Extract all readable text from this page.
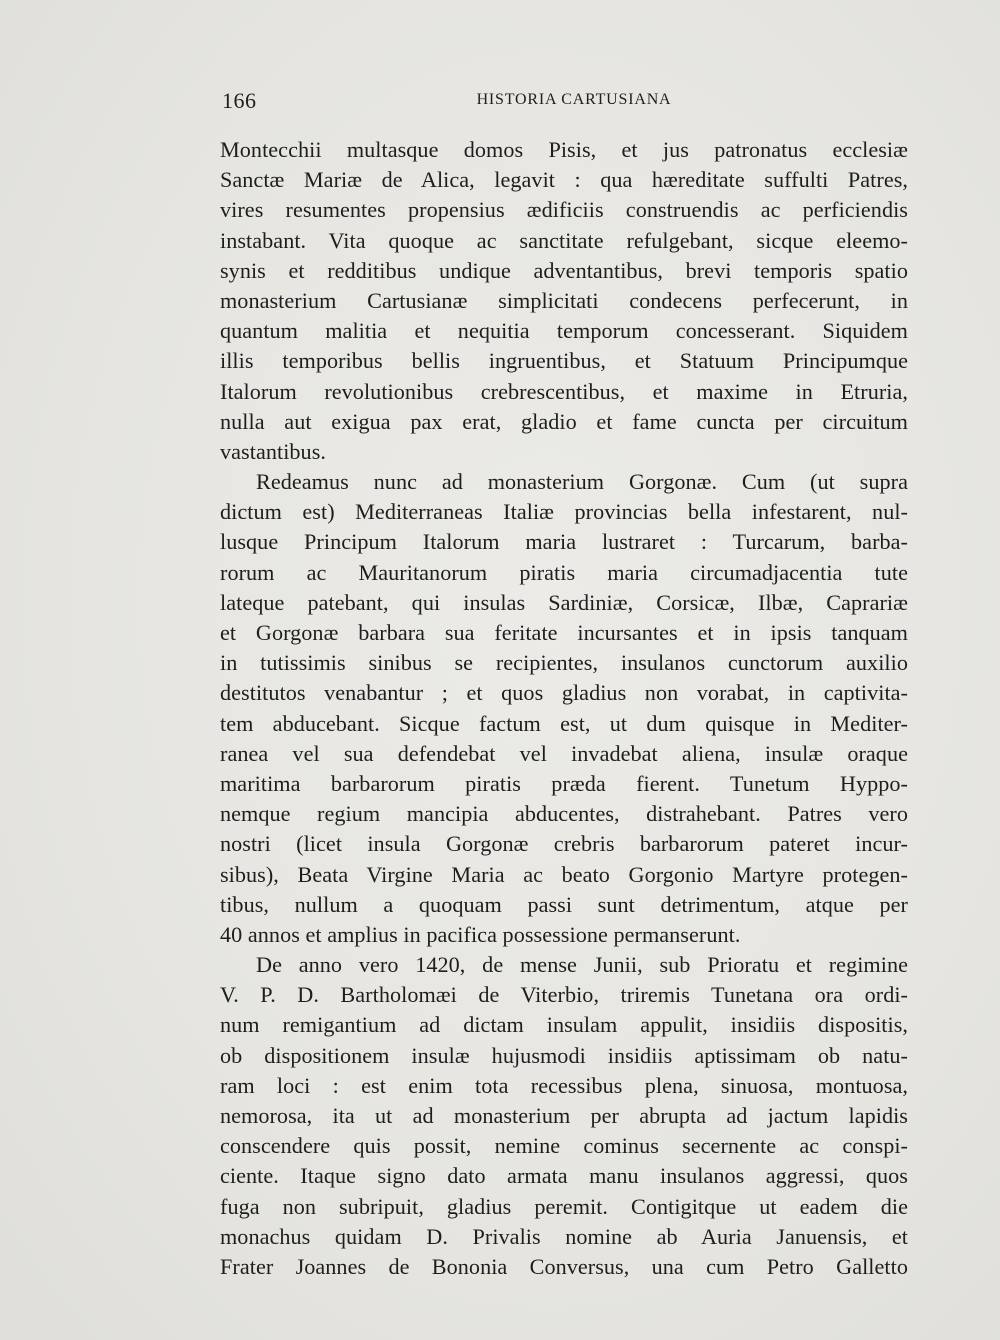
166	HISTORIA CARTUSIANA
Montecchii multasque domos Pisis, et jus patronatus ecclesiæ
Sanctæ Mariæ de Alica, legavit : qua hæreditate suffulti Patres,
vires resumentes propensius ædificiis construendis ac perficiendis
instabant. Vita quoque ac sanctitate refulgebant, sicque eleemo-
synis et redditibus undique adventantibus, brevi temporis spatio
monasterium Cartusianæ simplicitati condecens perfecerunt, in
quantum malitia et nequitia temporum concesserant. Siquidem
illis temporibus bellis ingruentibus, et Statuum Principumque
Italorum revolutionibus crebrescentibus, et maxime in Etruria,
nulla aut exigua pax erat, gladio et fame cuncta per circuitum
vastantibus.
Redeamus nunc ad monasterium Gorgonæ. Cum (ut supra
dictum est) Mediterraneas Italiæ provincias bella infestarent, nul-
lusque Principum Italorum maria lustraret : Turcarum, barba-
rorum ac Mauritanorum piratis maria circumadjacentia tute
lateque patebant, qui insulas Sardiniæ, Corsicæ, Ilbæ, Caprariæ
et Gorgonæ barbara sua feritate incursantes et in ipsis tanquam
in tutissimis sinibus se recipientes, insulanos cunctorum auxilio
destitutos venabantur ; et quos gladius non vorabat, in captivita-
tem abducebant. Sicque factum est, ut dum quisque in Mediter-
ranea vel sua defendebat vel invadebat aliena, insulæ oraque
maritima barbarorum piratis præda fierent. Tunetum Hyppo-
nemque regium mancipia abducentes, distrahebant. Patres vero
nostri (licet insula Gorgonæ crebris barbarorum pateret incur-
sibus), Beata Virgine Maria ac beato Gorgonio Martyre protegen-
tibus, nullum a quoquam passi sunt detrimentum, atque per
40 annos et amplius in pacifica possessione permanserunt.
De anno vero 1420, de mense Junii, sub Prioratu et regimine
V. P. D. Bartholomæi de Viterbio, triremis Tunetana ora ordi-
num remigantium ad dictam insulam appulit, insidiis dispositis,
ob dispositionem insulæ hujusmodi insidiis aptissimam ob natu-
ram loci : est enim tota recessibus plena, sinuosa, montuosa,
nemorosa, ita ut ad monasterium per abrupta ad jactum lapidis
conscendere quis possit, nemine cominus secernente ac conspi-
ciente. Itaque signo dato armata manu insulanos aggressi, quos
fuga non subripuit, gladius peremit. Contigitque ut eadem die
monachus quidam D. Privalis nomine ab Auria Januensis, et
Frater Joannes de Bononia Conversus, una cum Petro Galletto
